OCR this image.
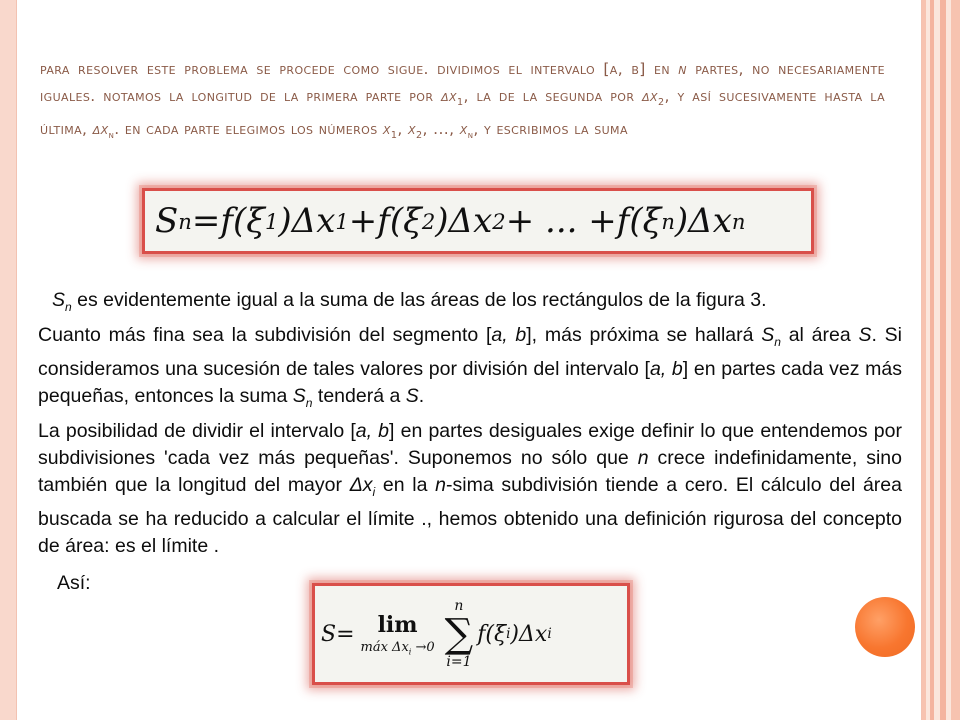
para resolver este problema se procede como sigue. dividimos el intervalo [a, b] en n partes, no necesariamente iguales. notamos la longitud de la primera parte por $\delta x_1$, la de la segunda por $\delta x_2$, y así sucesivamente hasta la última, $\delta x_n$. en cada parte elegimos los números $x_1$, $x_2$, ..., $x_n$, y escribimos la suma
S n = f(ξ 1 )Δx 1 + f(ξ 2 )Δx 2 + ... + f(ξ n )Δx n
$S_n$ es evidentemente igual a la suma de las áreas de los rectángulos de la figura 3.
Cuanto más fina sea la subdivisión del segmento [a, b], más próxima se hallará $S_n$ al área S. Si consideramos una sucesión de tales valores por división del intervalo [a, b] en partes cada vez más pequeñas, entonces la suma $S_n$ tenderá a S.
La posibilidad de dividir el intervalo [a, b] en partes desiguales exige definir lo que entendemos por subdivisiones 'cada vez más pequeñas'. Suponemos no sólo que n crece indefinidamente, sino también que la longitud del mayor $\Delta x_i$ en la n-sima subdivisión tiende a cero. El cálculo del área buscada se ha reducido a calcular el límite ., hemos obtenido una definición rigurosa del concepto de área: es el límite .
Así:
S = lim
máx $\Delta x_i \to 0$
n
∑
i=1
f(ξ i )Δx i
